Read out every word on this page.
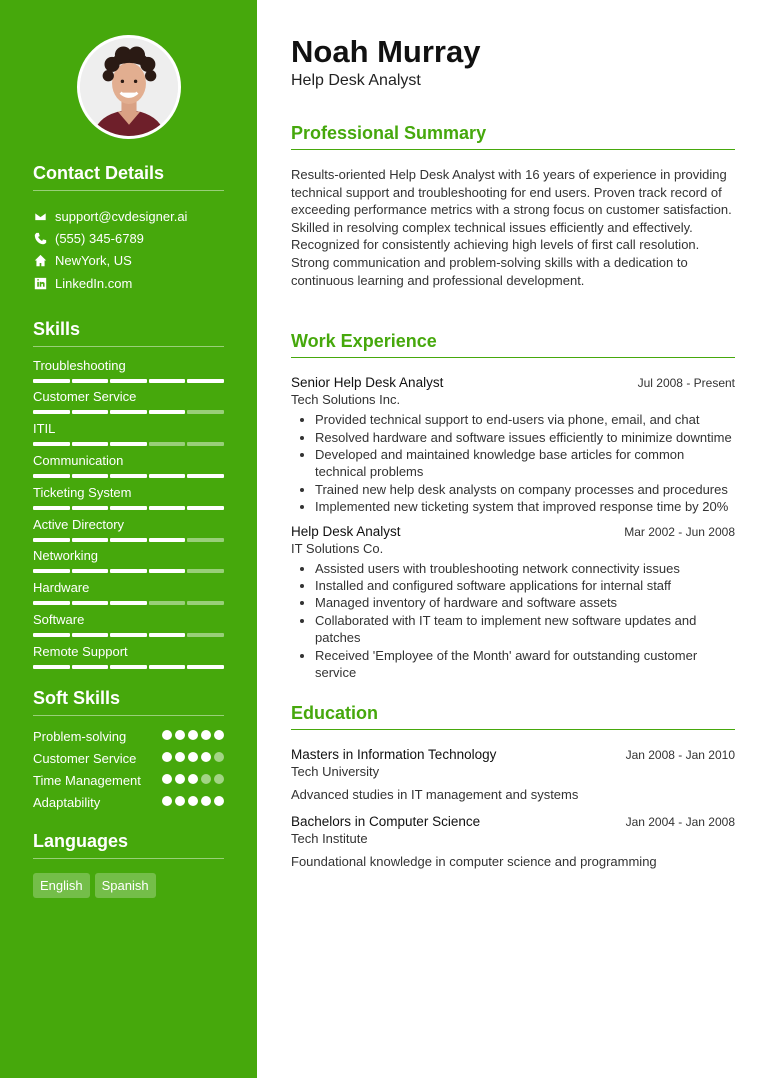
Contact Details
support@cvdesigner.ai
(555) 345-6789
NewYork, US
LinkedIn.com
Skills
Troubleshooting
Customer Service
ITIL
Communication
Ticketing System
Active Directory
Networking
Hardware
Software
Remote Support
Soft Skills
Problem-solving
Customer Service
Time Management
Adaptability
Languages
English	Spanish
Noah Murray
Help Desk Analyst
Professional Summary
Results-oriented Help Desk Analyst with 16 years of experience in providing technical support and troubleshooting for end users. Proven track record of exceeding performance metrics with a strong focus on customer satisfaction. Skilled in resolving complex technical issues efficiently and effectively. Recognized for consistently achieving high levels of first call resolution. Strong communication and problem-solving skills with a dedication to continuous learning and professional development.
Work Experience
Senior Help Desk Analyst	Jul 2008 - Present
Tech Solutions Inc.
• Provided technical support to end-users via phone, email, and chat
• Resolved hardware and software issues efficiently to minimize downtime
• Developed and maintained knowledge base articles for common technical problems
• Trained new help desk analysts on company processes and procedures
• Implemented new ticketing system that improved response time by 20%
Help Desk Analyst	Mar 2002 - Jun 2008
IT Solutions Co.
• Assisted users with troubleshooting network connectivity issues
• Installed and configured software applications for internal staff
• Managed inventory of hardware and software assets
• Collaborated with IT team to implement new software updates and patches
• Received 'Employee of the Month' award for outstanding customer service
Education
Masters in Information Technology	Jan 2008 - Jan 2010
Tech University
Advanced studies in IT management and systems
Bachelors in Computer Science	Jan 2004 - Jan 2008
Tech Institute
Foundational knowledge in computer science and programming
